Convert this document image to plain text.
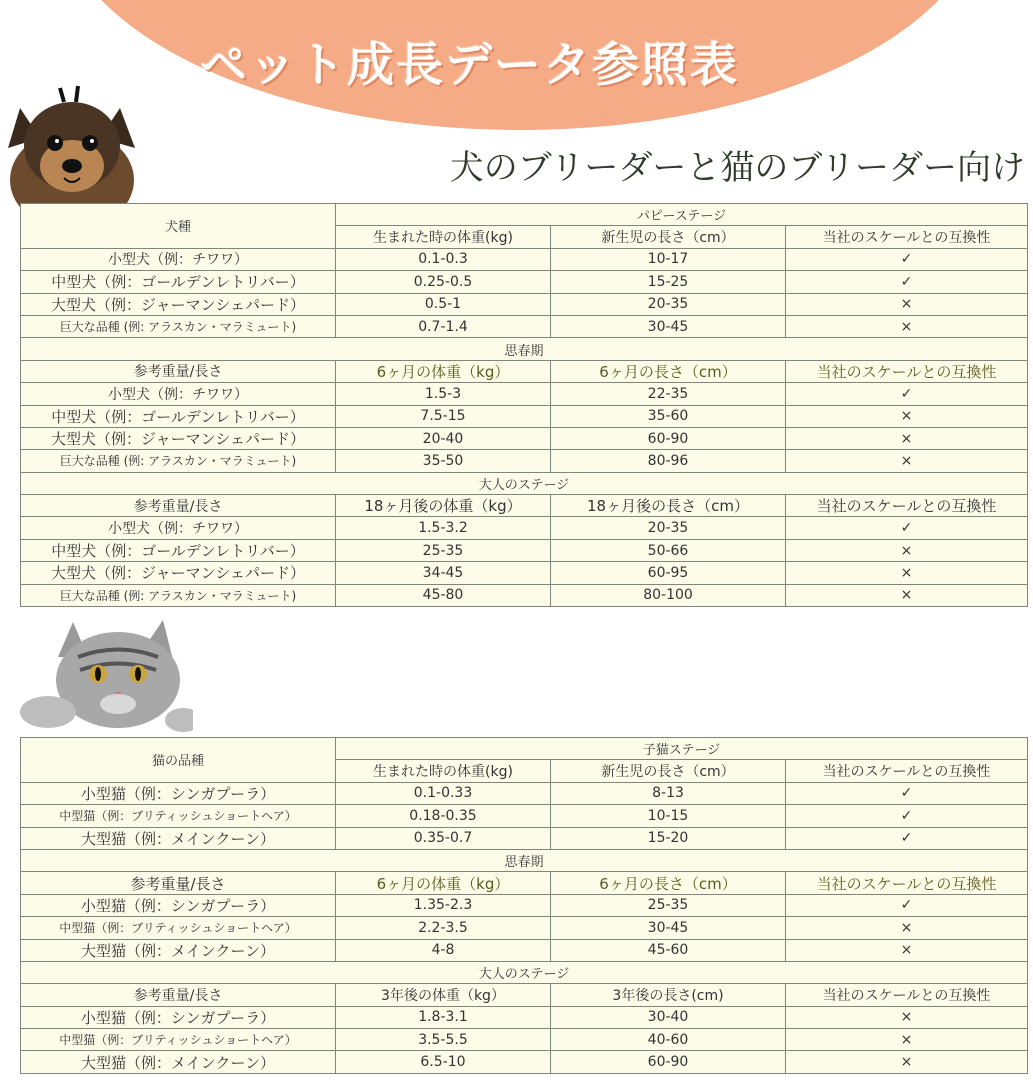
ペット成長データ参照表
犬のブリーダーと猫のブリーダー向け
犬種	パピーステージ		
	生まれた時の体重(kg)	新生児の長さ（cm）	当社のスケールとの互換性
小型犬（例：チワワ）	0.1-0.3	10-17	✓
中型犬（例：ゴールデンレトリバー）	0.25-0.5	15-25	✓
大型犬（例：ジャーマンシェパード）	0.5-1	20-35	×
巨大な品種 (例: アラスカン・マラミュート)	0.7-1.4	30-45	×
思春期			
参考重量/長さ	6ヶ月の体重（kg）	6ヶ月の長さ（cm）	当社のスケールとの互換性
小型犬（例：チワワ）	1.5-3	22-35	✓
中型犬（例：ゴールデンレトリバー）	7.5-15	35-60	×
大型犬（例：ジャーマンシェパード）	20-40	60-90	×
巨大な品種 (例: アラスカン・マラミュート)	35-50	80-96	×
大人のステージ			
参考重量/長さ	18ヶ月後の体重（kg）	18ヶ月後の長さ（cm）	当社のスケールとの互換性
小型犬（例：チワワ）	1.5-3.2	20-35	✓
中型犬（例：ゴールデンレトリバー）	25-35	50-66	×
大型犬（例：ジャーマンシェパード）	34-45	60-95	×
巨大な品種 (例: アラスカン・マラミュート)	45-80	80-100	×
猫の品種	子猫ステージ		
	生まれた時の体重(kg)	新生児の長さ（cm）	当社のスケールとの互換性
小型猫（例：シンガプーラ）	0.1-0.33	8-13	✓
中型猫（例：ブリティッシュショートヘア）	0.18-0.35	10-15	✓
大型猫（例：メインクーン）	0.35-0.7	15-20	✓
思春期			
参考重量/長さ	6ヶ月の体重（kg）	6ヶ月の長さ（cm）	当社のスケールとの互換性
小型猫（例：シンガプーラ）	1.35-2.3	25-35	✓
中型猫（例：ブリティッシュショートヘア）	2.2-3.5	30-45	×
大型猫（例：メインクーン）	4-8	45-60	×
大人のステージ			
参考重量/長さ	3年後の体重（kg）	3年後の長さ(cm)	当社のスケールとの互換性
小型猫（例：シンガプーラ）	1.8-3.1	30-40	×
中型猫（例：ブリティッシュショートヘア）	3.5-5.5	40-60	×
大型猫（例：メインクーン）	6.5-10	60-90	×
